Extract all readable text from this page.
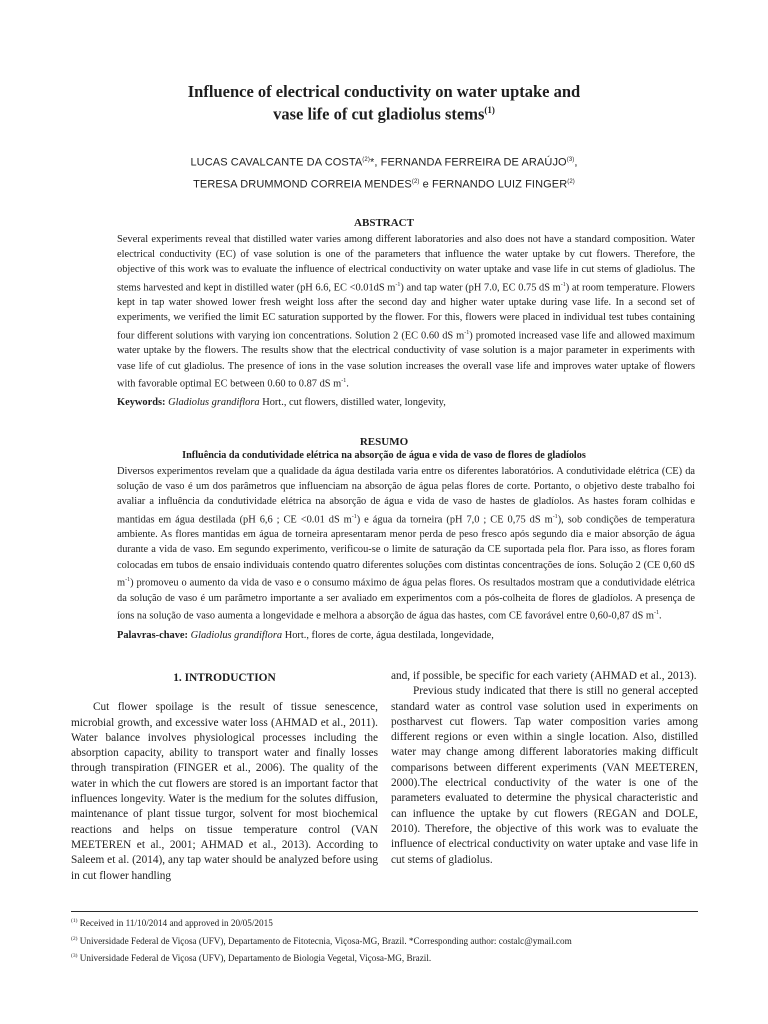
Influence of electrical conductivity on water uptake and
vase life of cut gladiolus stems$^{(1)}$
LUCAS CAVALCANTE DA COSTA$^{(2)}$*, FERNANDA FERREIRA DE ARAÚJO$^{(3)}$,
TERESA DRUMMOND CORREIA MENDES$^{(2)}$ e FERNANDO LUIZ FINGER$^{(2)}$
ABSTRACT
Several experiments reveal that distilled water varies among different laboratories and also does not have a standard composition. Water electrical conductivity (EC) of vase solution is one of the parameters that influence the water uptake by cut flowers. Therefore, the objective of this work was to evaluate the influence of electrical conductivity on water uptake and vase life in cut stems of gladiolus. The stems harvested and kept in distilled water (pH 6.6, EC <0.01dS $m^{-1}$) and tap water (pH 7.0, EC 0.75 dS $m^{-1}$) at room temperature. Flowers kept in tap water showed lower fresh weight loss after the second day and higher water uptake during vase life. In a second set of experiments, we verified the limit EC saturation supported by the flower. For this, flowers were placed in individual test tubes containing four different solutions with varying ion concentrations. Solution 2 (EC 0.60 dS $m^{-1}$) promoted increased vase life and allowed maximum water uptake by the flowers. The results show that the electrical conductivity of vase solution is a major parameter in experiments with vase life of cut gladiolus. The presence of ions in the vase solution increases the overall vase life and improves water uptake of flowers with favorable optimal EC between 0.60 to 0.87 dS $m^{-1}$.
Keywords: Gladiolus grandiflora Hort., cut flowers, distilled water, longevity,
RESUMO
Influência da condutividade elétrica na absorção de água e vida de vaso de flores de gladíolos
Diversos experimentos revelam que a qualidade da água destilada varia entre os diferentes laboratórios. A condutividade elétrica (CE) da solução de vaso é um dos parâmetros que influenciam na absorção de água pelas flores de corte. Portanto, o objetivo deste trabalho foi avaliar a influência da condutividade elétrica na absorção de água e vida de vaso de hastes de gladíolos. As hastes foram colhidas e mantidas em água destilada (pH 6,6 ; CE <0.01 dS $m^{-1}$) e água da torneira (pH 7,0 ; CE 0,75 dS $m^{-1}$), sob condições de temperatura ambiente. As flores mantidas em água de torneira apresentaram menor perda de peso fresco após segundo dia e maior absorção de água durante a vida de vaso. Em segundo experimento, verificou-se o limite de saturação da CE suportada pela flor. Para isso, as flores foram colocadas em tubos de ensaio individuais contendo quatro diferentes soluções com distintas concentrações de íons. Solução 2 (CE 0,60 dS $m^{-1}$) promoveu o aumento da vida de vaso e o consumo máximo de água pelas flores. Os resultados mostram que a condutividade elétrica da solução de vaso é um parâmetro importante a ser avaliado em experimentos com a pós-colheita de flores de gladíolos. A presença de íons na solução de vaso aumenta a longevidade e melhora a absorção de água das hastes, com CE favorável entre 0,60-0,87 dS $m^{-1}$.
Palavras-chave: Gladiolus grandiflora Hort., flores de corte, água destilada, longevidade,
1. INTRODUCTION

Cut flower spoilage is the result of tissue senescence, microbial growth, and excessive water loss (AHMAD et al., 2011). Water balance involves physiological processes including the absorption capacity, ability to transport water and finally losses through transpiration (FINGER et al., 2006). The quality of the water in which the cut flowers are stored is an important factor that influences longevity. Water is the medium for the solutes diffusion, maintenance of plant tissue turgor, solvent for most biochemical reactions and helps on tissue temperature control (VAN MEETEREN et al., 2001; AHMAD et al., 2013). According to Saleem et al. (2014), any tap water should be analyzed before using in cut flower handling

and, if possible, be specific for each variety (AHMAD et al., 2013).

Previous study indicated that there is still no general accepted standard water as control vase solution used in experiments on postharvest cut flowers. Tap water composition varies among different regions or even within a single location. Also, distilled water may change among different laboratories making difficult comparisons between different experiments (VAN MEETEREN, 2000).The electrical conductivity of the water is one of the parameters evaluated to determine the physical characteristic and can influence the uptake by cut flowers (REGAN and DOLE, 2010). Therefore, the objective of this work was to evaluate the influence of electrical conductivity on water uptake and vase life in cut stems of gladiolus.

$^{(1)}$ Received in 11/10/2014 and approved in 20/05/2015
$^{(2)}$ Universidade Federal de Viçosa (UFV), Departamento de Fitotecnia, Viçosa-MG, Brazil. *Corresponding author: costalc@ymail.com
$^{(3)}$ Universidade Federal de Viçosa (UFV), Departamento de Biologia Vegetal, Viçosa-MG, Brazil.
